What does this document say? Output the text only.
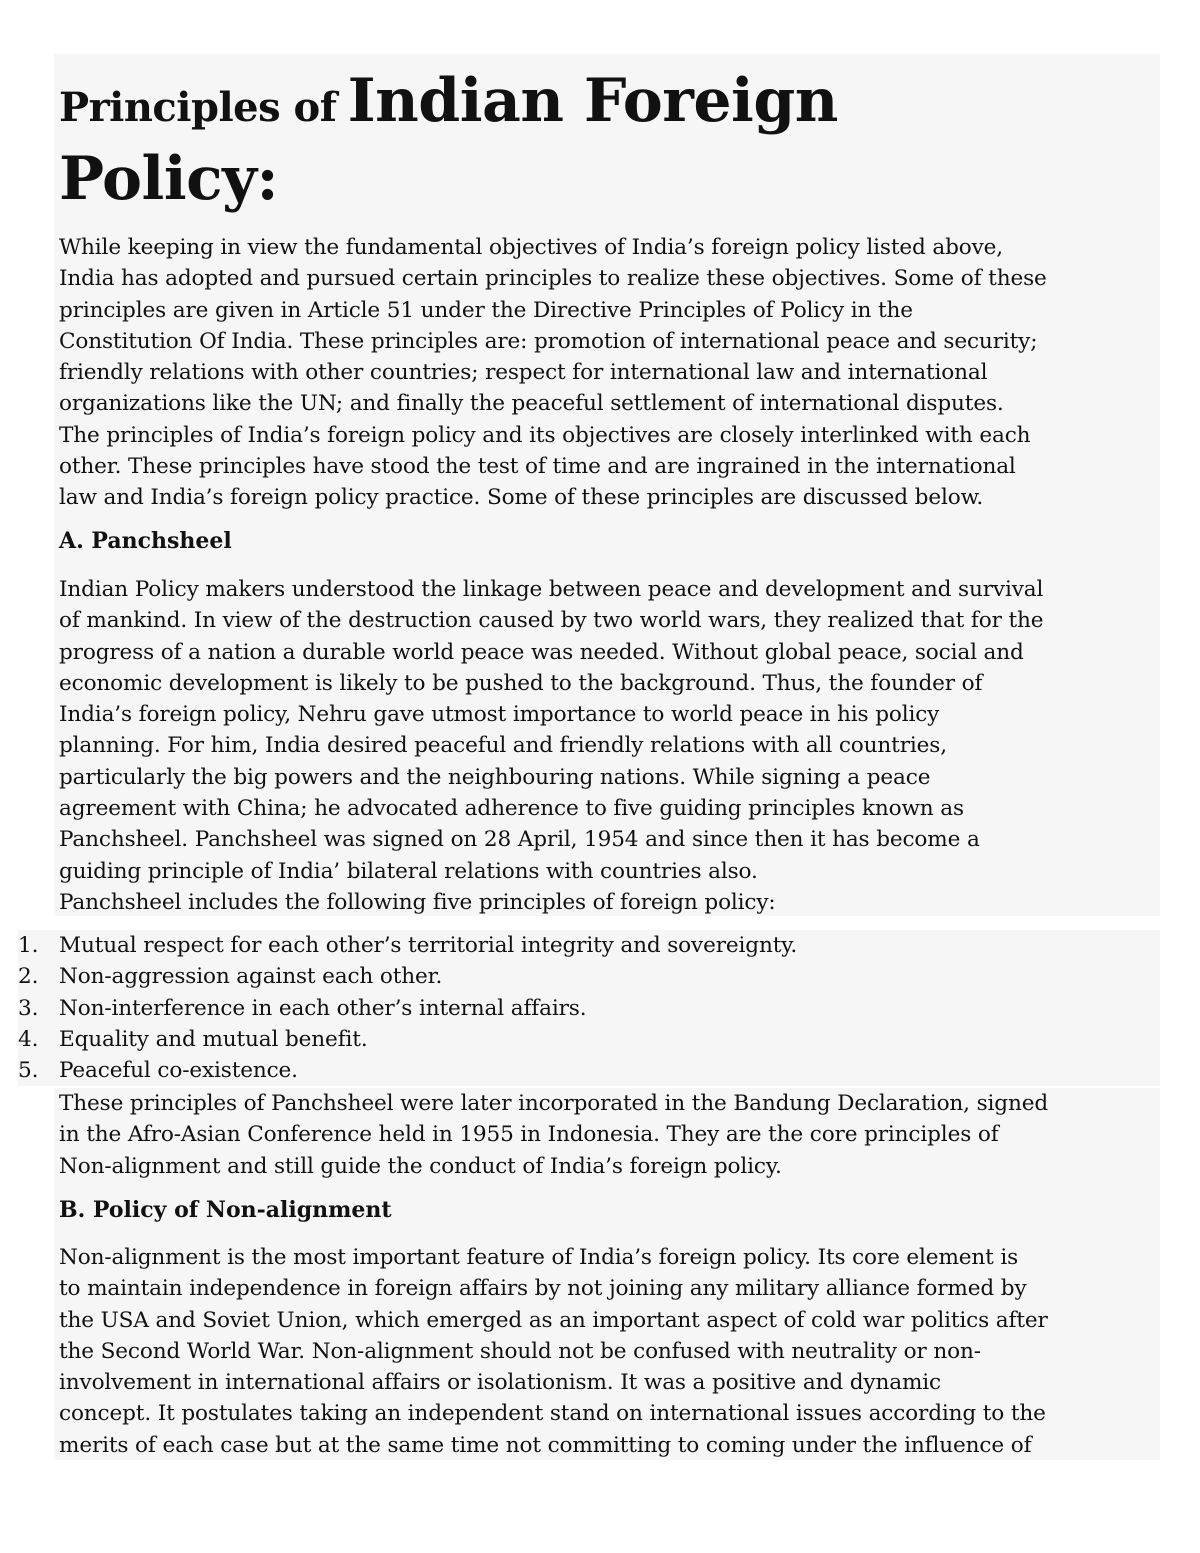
Principles of Indian Foreign
Policy:

While keeping in view the fundamental objectives of India’s foreign policy listed above,
India has adopted and pursued certain principles to realize these objectives. Some of these
principles are given in Article 51 under the Directive Principles of Policy in the
Constitution Of India. These principles are: promotion of international peace and security;
friendly relations with other countries; respect for international law and international
organizations like the UN; and finally the peaceful settlement of international disputes.
The principles of India’s foreign policy and its objectives are closely interlinked with each
other. These principles have stood the test of time and are ingrained in the international
law and India’s foreign policy practice. Some of these principles are discussed below.

A. Panchsheel

Indian Policy makers understood the linkage between peace and development and survival
of mankind. In view of the destruction caused by two world wars, they realized that for the
progress of a nation a durable world peace was needed. Without global peace, social and
economic development is likely to be pushed to the background. Thus, the founder of
India’s foreign policy, Nehru gave utmost importance to world peace in his policy
planning. For him, India desired peaceful and friendly relations with all countries,
particularly the big powers and the neighbouring nations. While signing a peace
agreement with China; he advocated adherence to five guiding principles known as
Panchsheel. Panchsheel was signed on 28 April, 1954 and since then it has become a
guiding principle of India’ bilateral relations with countries also.
Panchsheel includes the following five principles of foreign policy:

1. Mutual respect for each other’s territorial integrity and sovereignty.
2. Non-aggression against each other.
3. Non-interference in each other’s internal affairs.
4. Equality and mutual benefit.
5. Peaceful co-existence.

These principles of Panchsheel were later incorporated in the Bandung Declaration, signed
in the Afro-Asian Conference held in 1955 in Indonesia. They are the core principles of
Non-alignment and still guide the conduct of India’s foreign policy.

B. Policy of Non-alignment

Non-alignment is the most important feature of India’s foreign policy. Its core element is
to maintain independence in foreign affairs by not joining any military alliance formed by
the USA and Soviet Union, which emerged as an important aspect of cold war politics after
the Second World War. Non-alignment should not be confused with neutrality or non-
involvement in international affairs or isolationism. It was a positive and dynamic
concept. It postulates taking an independent stand on international issues according to the
merits of each case but at the same time not committing to coming under the influence of
